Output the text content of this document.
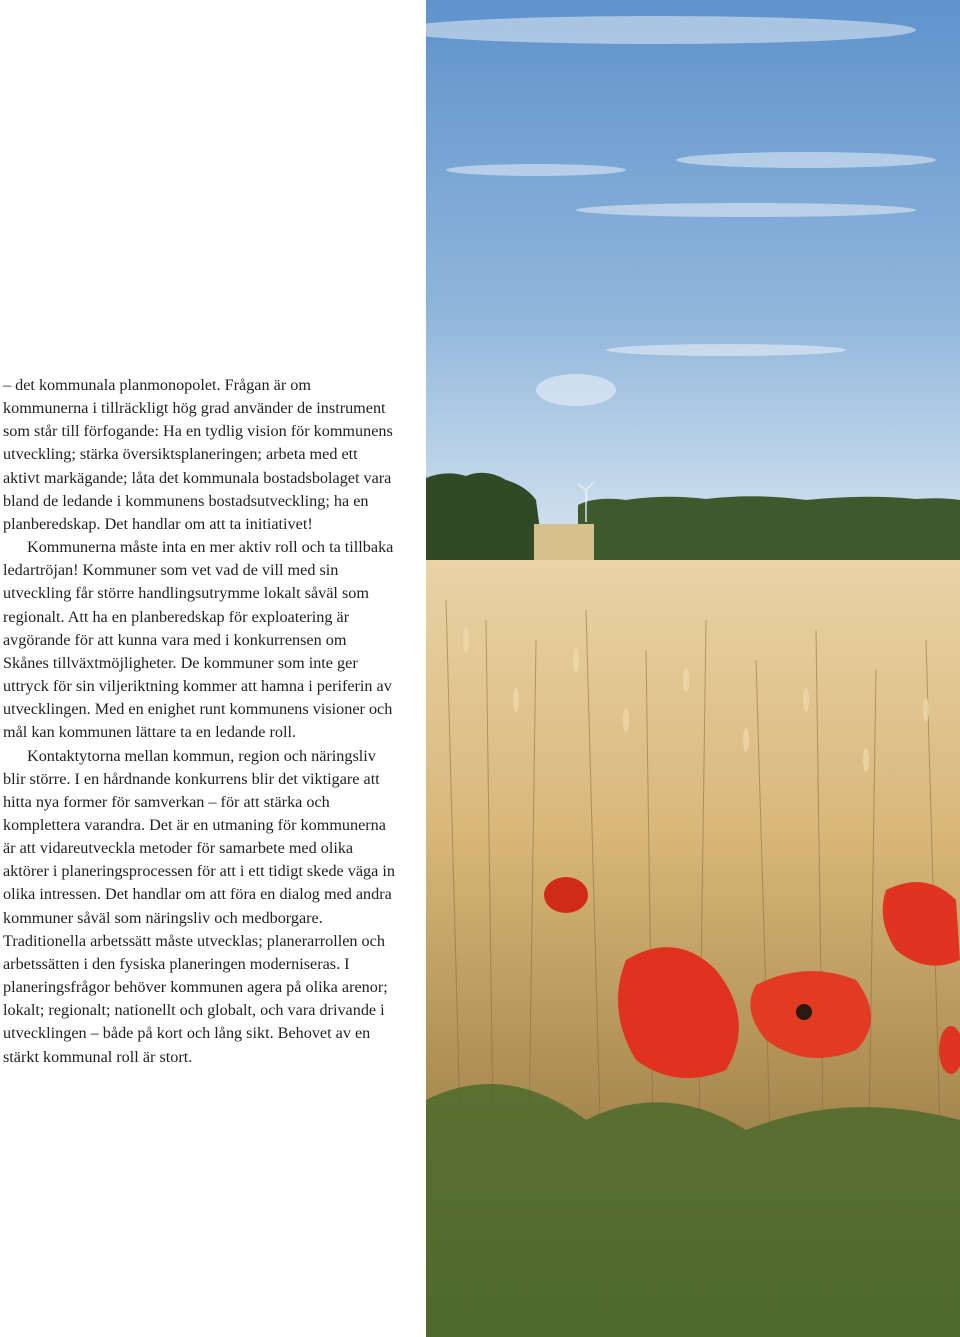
– det kommunala planmonopolet. Frågan är om kommunerna i tillräckligt hög grad använder de instrument som står till förfogande: Ha en tydlig vision för kommunens utveckling; stärka översiktsplaneringen; arbeta med ett aktivt markägande; låta det kommunala bostadsbolaget vara bland de ledande i kommunens bostadsutveckling; ha en planberedskap. Det handlar om att ta initiativet!

Kommunerna måste inta en mer aktiv roll och ta tillbaka ledartröjan! Kommuner som vet vad de vill med sin utveckling får större handlingsutrymme lokalt såväl som regionalt. Att ha en planberedskap för exploatering är avgörande för att kunna vara med i konkurrensen om Skånes tillväxtmöjligheter. De kommuner som inte ger uttryck för sin viljeriktning kommer att hamna i periferin av utvecklingen. Med en enighet runt kommunens visioner och mål kan kommunen lättare ta en ledande roll.

Kontaktytorna mellan kommun, region och näringsliv blir större. I en hårdnande konkurrens blir det viktigare att hitta nya former för samverkan – för att stärka och komplettera varandra. Det är en utmaning för kommunerna är att vidareutveckla metoder för samarbete med olika aktörer i planeringsprocessen för att i ett tidigt skede väga in olika intressen. Det handlar om att föra en dialog med andra kommuner såväl som näringsliv och medborgare. Traditionella arbetssätt måste utvecklas; planerarrollen och arbetssätten i den fysiska planeringen moderniseras. I planeringsfrågor behöver kommunen agera på olika arenor; lokalt; regionalt; nationellt och globalt, och vara drivande i utvecklingen – både på kort och lång sikt. Behovet av en stärkt kommunal roll är stort.
